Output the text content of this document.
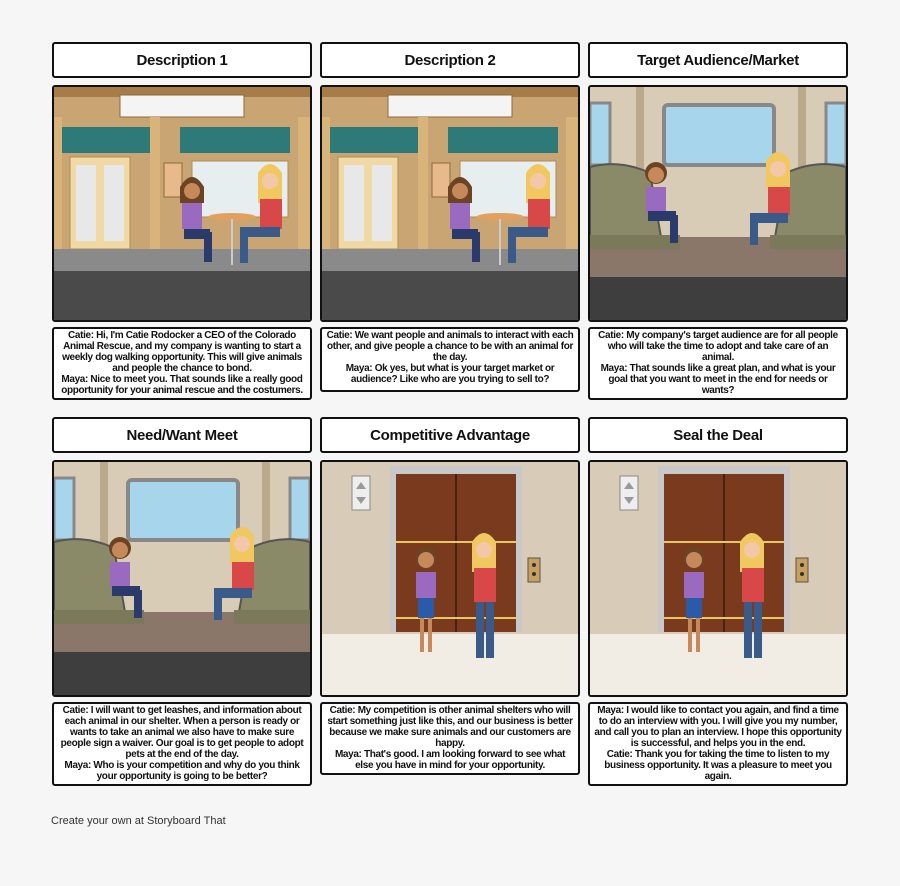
Description 1

Catie: Hi, I'm Catie Rodocker a CEO of the Colorado Animal Rescue, and my company is wanting to start a weekly dog walking opportunity. This will give animals and people the chance to bond.
Maya: Nice to meet you. That sounds like a really good opportunity for your animal rescue and the costumers.

Description 2

Catie: We want people and animals to interact with each other, and give people a chance to be with an animal for the day.
Maya: Ok yes, but what is your target market or audience? Like who are you trying to sell to?

Target Audience/Market

Catie: My company's target audience are for all people who will take the time to adopt and take care of an animal.
Maya: That sounds like a great plan, and what is your goal that you want to meet in the end for needs or wants?

Need/Want Meet

Catie: I will want to get leashes, and information about each animal in our shelter. When a person is ready or wants to take an animal we also have to make sure people sign a waiver. Our goal is to get people to adopt pets at the end of the day.
Maya: Who is your competition and why do you think your opportunity is going to be better?

Competitive Advantage

Catie: My competition is other animal shelters who will start something just like this, and our business is better because we make sure animals and our customers are happy.
Maya: That's good. I am looking forward to see what else you have in mind for your opportunity.

Seal the Deal

Maya: I would like to contact you again, and find a time to do an interview with you. I will give you my number, and call you to plan an interview. I hope this opportunity is successful, and helps you in the end.
Catie: Thank you for taking the time to listen to my business opportunity. It was a pleasure to meet you again.

Create your own at Storyboard That
